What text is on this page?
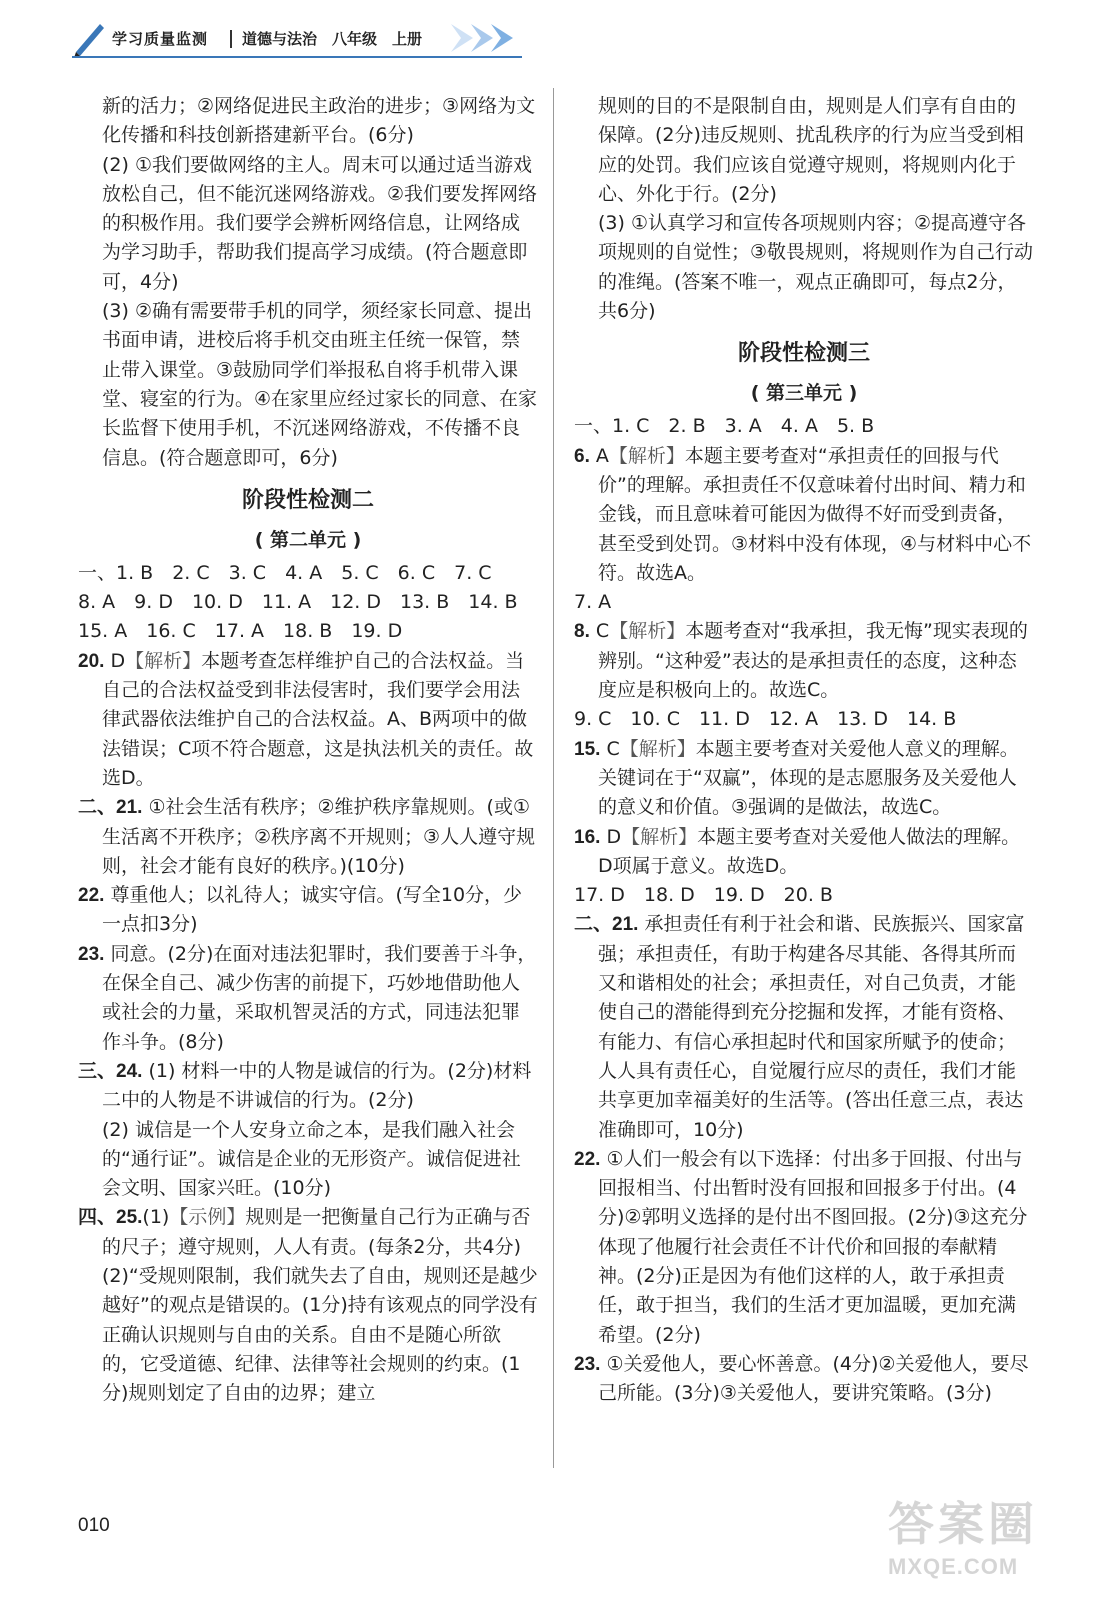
学习质量监测 道德与法治　八年级　上册

新的活力；②网络促进民主政治的进步；③网络为文化传播和科技创新搭建新平台。(6分)

(2) ①我们要做网络的主人。周末可以通过适当游戏放松自己，但不能沉迷网络游戏。②我们要发挥网络的积极作用。我们要学会辨析网络信息，让网络成为学习助手，帮助我们提高学习成绩。(符合题意即可，4分)

(3) ②确有需要带手机的同学，须经家长同意、提出书面申请，进校后将手机交由班主任统一保管，禁止带入课堂。③鼓励同学们举报私自将手机带入课堂、寝室的行为。④在家里应经过家长的同意、在家长监督下使用手机，不沉迷网络游戏，不传播不良信息。(符合题意即可，6分)

阶段性检测二
( 第二单元 )

一、1. B　2. C　3. C　4. A　5. C　6. C　7. C

8. A　9. D　10. D　11. A　12. D　13. B　14. B

15. A　16. C　17. A　18. B　19. D

20. D【解析】本题考查怎样维护自己的合法权益。当自己的合法权益受到非法侵害时，我们要学会用法律武器依法维护自己的合法权益。A、B两项中的做法错误；C项不符合题意，这是执法机关的责任。故选D。

二、21. ①社会生活有秩序；②维护秩序靠规则。(或①生活离不开秩序；②秩序离不开规则；③人人遵守规则，社会才能有良好的秩序。)(10分)

22. 尊重他人；以礼待人；诚实守信。(写全10分，少一点扣3分)

23. 同意。(2分)在面对违法犯罪时，我们要善于斗争，在保全自己、减少伤害的前提下，巧妙地借助他人或社会的力量，采取机智灵活的方式，同违法犯罪作斗争。(8分)

三、24. (1) 材料一中的人物是诚信的行为。(2分)材料二中的人物是不讲诚信的行为。(2分)

(2) 诚信是一个人安身立命之本，是我们融入社会的“通行证”。诚信是企业的无形资产。诚信促进社会文明、国家兴旺。(10分)

四、25.(1)【示例】规则是一把衡量自己行为正确与否的尺子；遵守规则，人人有责。(每条2分，共4分)

(2)“受规则限制，我们就失去了自由，规则还是越少越好”的观点是错误的。(1分)持有该观点的同学没有正确认识规则与自由的关系。自由不是随心所欲的，它受道德、纪律、法律等社会规则的约束。(1分)规则划定了自由的边界；建立

规则的目的不是限制自由，规则是人们享有自由的保障。(2分)违反规则、扰乱秩序的行为应当受到相应的处罚。我们应该自觉遵守规则，将规则内化于心、外化于行。(2分)

(3) ①认真学习和宣传各项规则内容；②提高遵守各项规则的自觉性；③敬畏规则，将规则作为自己行动的准绳。(答案不唯一，观点正确即可，每点2分，共6分)

阶段性检测三
( 第三单元 )

一、1. C　2. B　3. A　4. A　5. B

6. A【解析】本题主要考查对“承担责任的回报与代价”的理解。承担责任不仅意味着付出时间、精力和金钱，而且意味着可能因为做得不好而受到责备，甚至受到处罚。③材料中没有体现，④与材料中心不符。故选A。

7. A

8. C【解析】本题考查对“我承担，我无悔”现实表现的辨别。“这种爱”表达的是承担责任的态度，这种态度应是积极向上的。故选C。

9. C　10. C　11. D　12. A　13. D　14. B

15. C【解析】本题主要考查对关爱他人意义的理解。关键词在于“双赢”，体现的是志愿服务及关爱他人的意义和价值。③强调的是做法，故选C。

16. D【解析】本题主要考查对关爱他人做法的理解。D项属于意义。故选D。

17. D　18. D　19. D　20. B

二、21. 承担责任有利于社会和谐、民族振兴、国家富强；承担责任，有助于构建各尽其能、各得其所而又和谐相处的社会；承担责任，对自己负责，才能使自己的潜能得到充分挖掘和发挥，才能有资格、有能力、有信心承担起时代和国家所赋予的使命；人人具有责任心，自觉履行应尽的责任，我们才能共享更加幸福美好的生活等。(答出任意三点，表达准确即可，10分)

22. ①人们一般会有以下选择：付出多于回报、付出与回报相当、付出暂时没有回报和回报多于付出。(4分)②郭明义选择的是付出不图回报。(2分)③这充分体现了他履行社会责任不计代价和回报的奉献精神。(2分)正是因为有他们这样的人，敢于承担责任，敢于担当，我们的生活才更加温暖，更加充满希望。(2分)

23. ①关爱他人，要心怀善意。(4分)②关爱他人，要尽己所能。(3分)③关爱他人，要讲究策略。(3分)

010	答案圈
MXQE.COM
